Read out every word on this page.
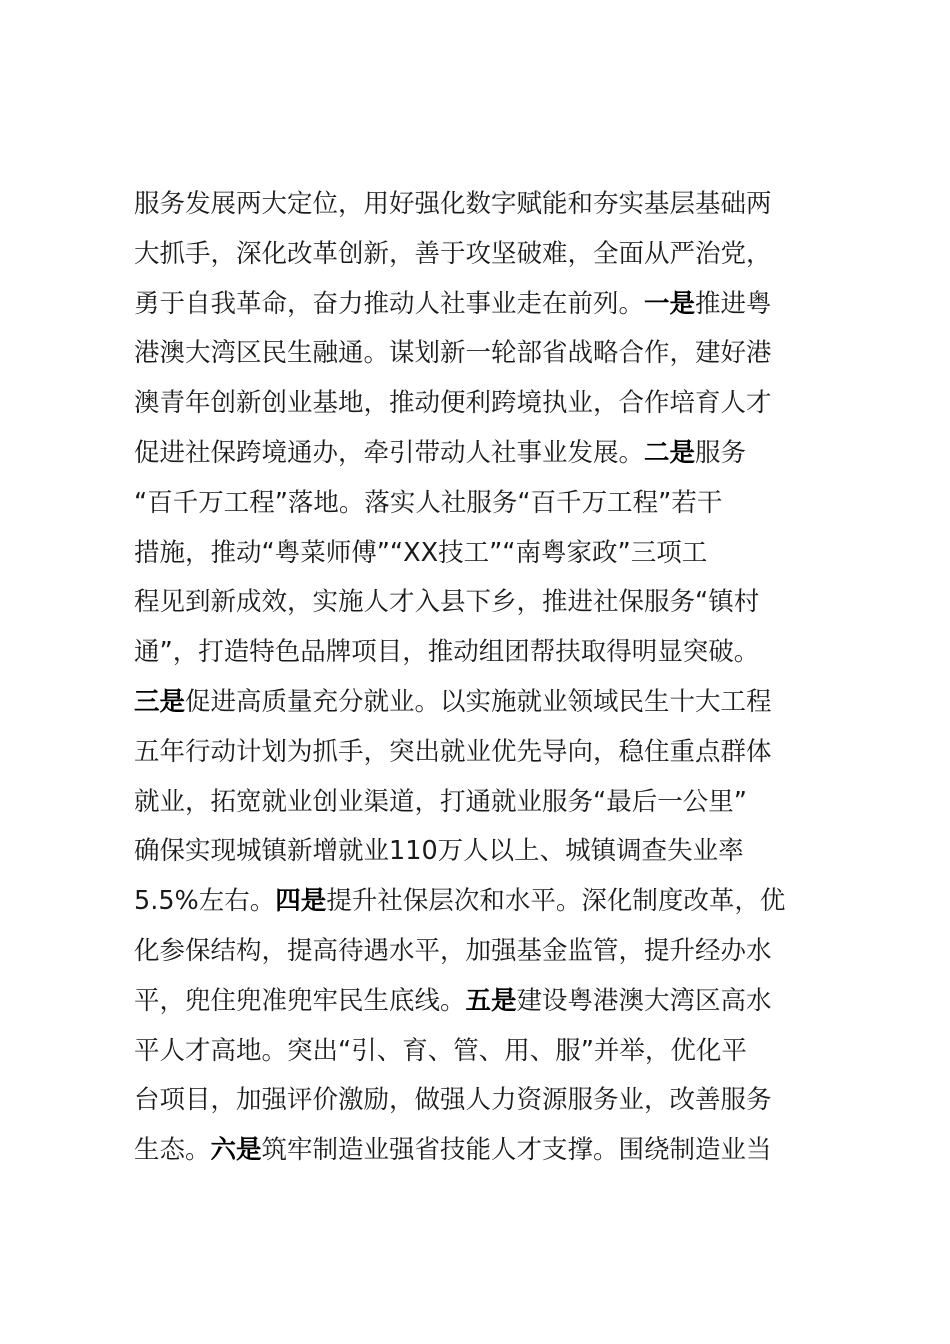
服务发展两大定位，用好强化数字赋能和夯实基层基础两
大抓手，深化改革创新，善于攻坚破难，全面从严治党，
勇于自我革命，奋力推动人社事业走在前列。一是推进粤
港澳大湾区民生融通。谋划新一轮部省战略合作，建好港
澳青年创新创业基地，推动便利跨境执业，合作培育人才
促进社保跨境通办，牵引带动人社事业发展。二是服务
“百千万工程”落地。落实人社服务“百千万工程”若干
措施，推动“粤菜师傅”“XX技工”“南粤家政”三项工
程见到新成效，实施人才入县下乡，推进社保服务“镇村
通”，打造特色品牌项目，推动组团帮扶取得明显突破。
三是促进高质量充分就业。以实施就业领域民生十大工程
五年行动计划为抓手，突出就业优先导向，稳住重点群体
就业，拓宽就业创业渠道，打通就业服务“最后一公里”
确保实现城镇新增就业110万人以上、城镇调查失业率
5.5%左右。四是提升社保层次和水平。深化制度改革，优
化参保结构，提高待遇水平，加强基金监管，提升经办水
平，兜住兜准兜牢民生底线。五是建设粤港澳大湾区高水
平人才高地。突出“引、育、管、用、服”并举，优化平
台项目，加强评价激励，做强人力资源服务业，改善服务
生态。六是筑牢制造业强省技能人才支撑。围绕制造业当
